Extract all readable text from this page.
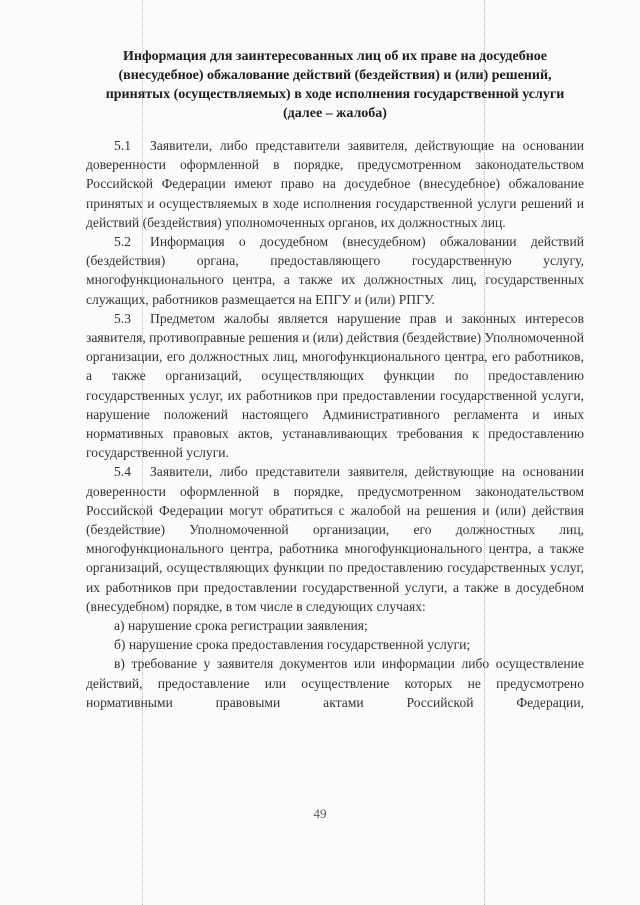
Информация для заинтересованных лиц об их праве на досудебное
(внесудебное) обжалование действий (бездействия) и (или) решений,
принятых (осуществляемых) в ходе исполнения государственной услуги
(далее – жалоба)

5.1 Заявители, либо представители заявителя, действующие на основании доверенности оформленной в порядке, предусмотренном законодательством Российской Федерации имеют право на досудебное (внесудебное) обжалование принятых и осуществляемых в ходе исполнения государственной услуги решений и действий (бездействия) уполномоченных органов, их должностных лиц.

5.2 Информация о досудебном (внесудебном) обжаловании действий (бездействия) органа, предоставляющего государственную услугу, многофункционального центра, а также их должностных лиц, государственных служащих, работников размещается на ЕПГУ и (или) РПГУ.

5.3 Предметом жалобы является нарушение прав и законных интересов заявителя, противоправные решения и (или) действия (бездействие) Уполномоченной организации, его должностных лиц, многофункционального центра, его работников, а также организаций, осуществляющих функции по предоставлению государственных услуг, их работников при предоставлении государственной услуги, нарушение положений настоящего Административного регламента и иных нормативных правовых актов, устанавливающих требования к предоставлению государственной услуги.

5.4 Заявители, либо представители заявителя, действующие на основании доверенности оформленной в порядке, предусмотренном законодательством Российской Федерации могут обратиться с жалобой на решения и (или) действия (бездействие) Уполномоченной организации, его должностных лиц, многофункционального центра, работника многофункционального центра, а также организаций, осуществляющих функции по предоставлению государственных услуг, их работников при предоставлении государственной услуги, а также в досудебном (внесудебном) порядке, в том числе в следующих случаях:

а) нарушение срока регистрации заявления;

б) нарушение срока предоставления государственной услуги;

в) требование у заявителя документов или информации либо осуществление действий, предоставление или осуществление которых не предусмотрено нормативными правовыми актами Российской Федерации,

49
